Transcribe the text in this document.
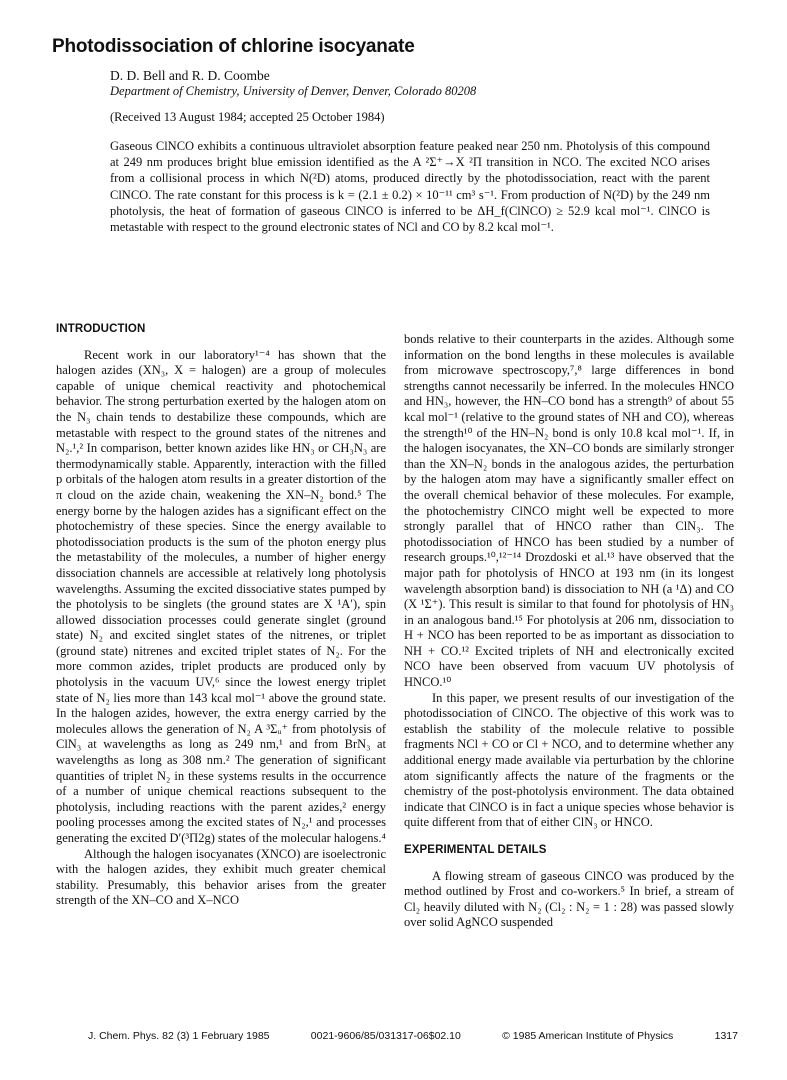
Photodissociation of chlorine isocyanate
D. D. Bell and R. D. Coombe
Department of Chemistry, University of Denver, Denver, Colorado 80208
(Received 13 August 1984; accepted 25 October 1984)
Gaseous ClNCO exhibits a continuous ultraviolet absorption feature peaked near 250 nm. Photolysis of this compound at 249 nm produces bright blue emission identified as the A ²Σ⁺→X ²Π transition in NCO. The excited NCO arises from a collisional process in which N(²D) atoms, produced directly by the photodissociation, react with the parent ClNCO. The rate constant for this process is k = (2.1 ± 0.2) × 10⁻¹¹ cm³ s⁻¹. From production of N(²D) by the 249 nm photolysis, the heat of formation of gaseous ClNCO is inferred to be ΔH_f(ClNCO) ≥ 52.9 kcal mol⁻¹. ClNCO is metastable with respect to the ground electronic states of NCl and CO by 8.2 kcal mol⁻¹.
INTRODUCTION

Recent work in our laboratory¹⁻⁴ has shown that the halogen azides (XN₃, X = halogen) are a group of molecules capable of unique chemical reactivity and photochemical behavior. The strong perturbation exerted by the halogen atom on the N₃ chain tends to destabilize these compounds, which are metastable with respect to the ground states of the nitrenes and N₂.¹,² In comparison, better known azides like HN₃ or CH₃N₃ are thermodynamically stable. Apparently, interaction with the filled p orbitals of the halogen atom results in a greater distortion of the π cloud on the azide chain, weakening the XN–N₂ bond.⁵ The energy borne by the halogen azides has a significant effect on the photochemistry of these species. Since the energy available to photodissociation products is the sum of the photon energy plus the metastability of the molecules, a number of higher energy dissociation channels are accessible at relatively long photolysis wavelengths. Assuming the excited dissociative states pumped by the photolysis to be singlets (the ground states are X ¹A′), spin allowed dissociation processes could generate singlet (ground state) N₂ and excited singlet states of the nitrenes, or triplet (ground state) nitrenes and excited triplet states of N₂. For the more common azides, triplet products are produced only by photolysis in the vacuum UV,⁶ since the lowest energy triplet state of N₂ lies more than 143 kcal mol⁻¹ above the ground state. In the halogen azides, however, the extra energy carried by the molecules allows the generation of N₂ A ³Σᵤ⁺ from photolysis of ClN₃ at wavelengths as long as 249 nm,¹ and from BrN₃ at wavelengths as long as 308 nm.² The generation of significant quantities of triplet N₂ in these systems results in the occurrence of a number of unique chemical reactions subsequent to the photolysis, including reactions with the parent azides,² energy pooling processes among the excited states of N₂,¹ and processes generating the excited D′(³Π2g) states of the molecular halogens.⁴

Although the halogen isocyanates (XNCO) are isoelectronic with the halogen azides, they exhibit much greater chemical stability. Presumably, this behavior arises from the greater strength of the XN–CO and X–NCO

bonds relative to their counterparts in the azides. Although some information on the bond lengths in these molecules is available from microwave spectroscopy,⁷,⁸ large differences in bond strengths cannot necessarily be inferred. In the molecules HNCO and HN₃, however, the HN–CO bond has a strength⁹ of about 55 kcal mol⁻¹ (relative to the ground states of NH and CO), whereas the strength¹⁰ of the HN–N₂ bond is only 10.8 kcal mol⁻¹. If, in the halogen isocyanates, the XN–CO bonds are similarly stronger than the XN–N₂ bonds in the analogous azides, the perturbation by the halogen atom may have a significantly smaller effect on the overall chemical behavior of these molecules. For example, the photochemistry ClNCO might well be expected to more strongly parallel that of HNCO rather than ClN₃. The photodissociation of HNCO has been studied by a number of research groups.¹⁰,¹²⁻¹⁴ Drozdoski et al.¹³ have observed that the major path for photolysis of HNCO at 193 nm (in its longest wavelength absorption band) is dissociation to NH (a ¹Δ) and CO (X ¹Σ⁺). This result is similar to that found for photolysis of HN₃ in an analogous band.¹⁵ For photolysis at 206 nm, dissociation to H + NCO has been reported to be as important as dissociation to NH + CO.¹² Excited triplets of NH and electronically excited NCO have been observed from vacuum UV photolysis of HNCO.¹⁰

In this paper, we present results of our investigation of the photodissociation of ClNCO. The objective of this work was to establish the stability of the molecule relative to possible fragments NCl + CO or Cl + NCO, and to determine whether any additional energy made available via perturbation by the chlorine atom significantly affects the nature of the fragments or the chemistry of the post-photolysis environment. The data obtained indicate that ClNCO is in fact a unique species whose behavior is quite different from that of either ClN₃ or HNCO.

EXPERIMENTAL DETAILS

A flowing stream of gaseous ClNCO was produced by the method outlined by Frost and co-workers.⁵ In brief, a stream of Cl₂ heavily diluted with N₂ (Cl₂ : N₂ = 1 : 28) was passed slowly over solid AgNCO suspended

J. Chem. Phys. 82 (3) 1 February 1985	0021-9606/85/031317-06$02.10	© 1985 American Institute of Physics	1317
